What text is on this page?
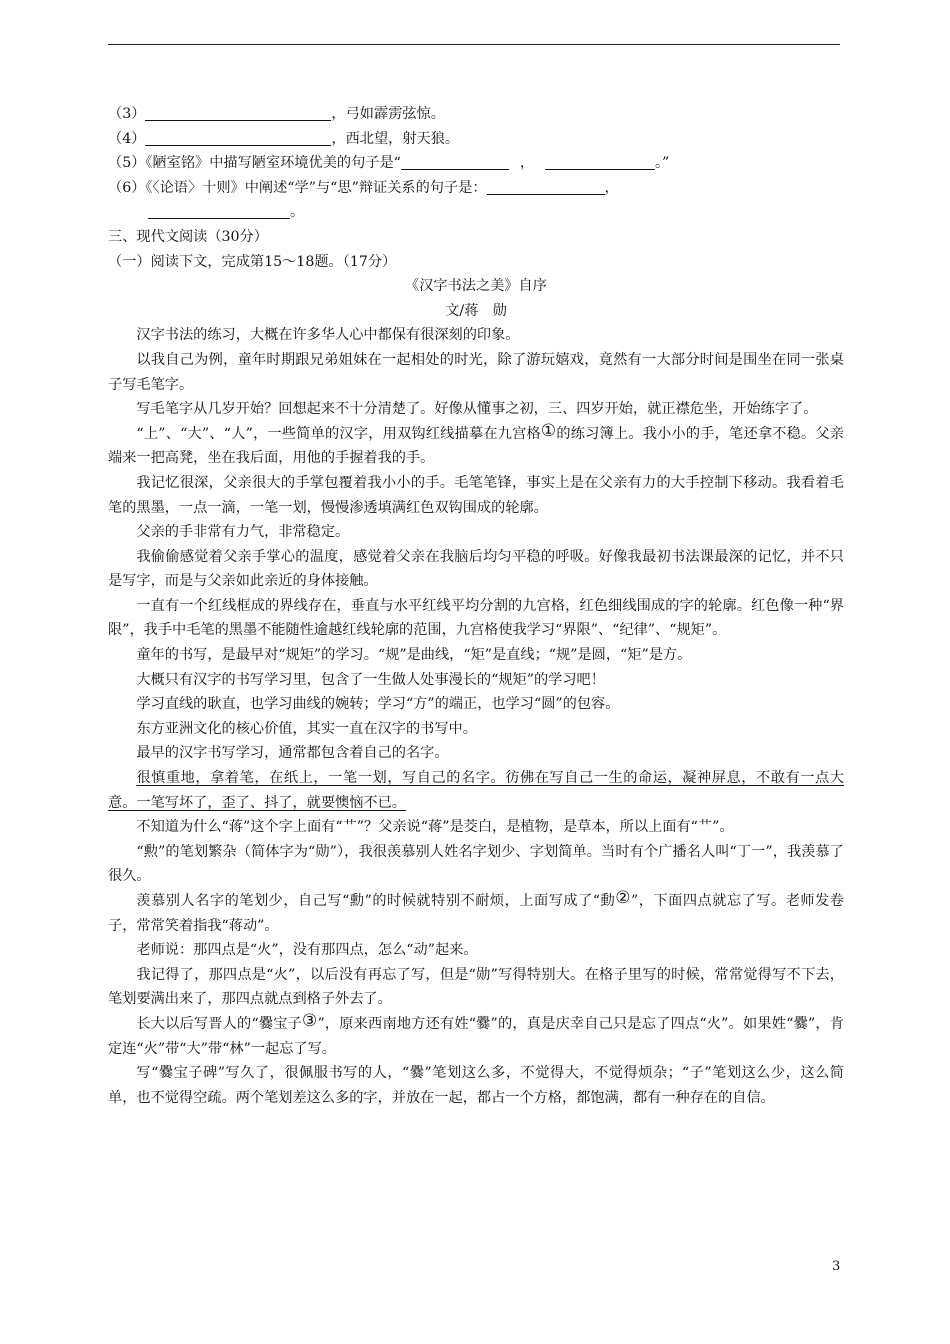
（3）	，弓如霹雳弦惊。
（4）	，西北望，射天狼。
（5）《陋室铭》中描写陋室环境优美的句子是“	，	。”
（6）《〈论语〉十则》中阐述“学”与“思”辩证关系的句子是：	，
。
三、现代文阅读（30分）
（一）阅读下文，完成第15～18题。（17分）
《汉字书法之美》自序
文/蒋　勋
汉字书法的练习，大概在许多华人心中都保有很深刻的印象。
以我自己为例，童年时期跟兄弟姐妹在一起相处的时光，除了游玩嬉戏，竟然有一大部分时间是围坐在同一张桌子写毛笔字。
写毛笔字从几岁开始？回想起来不十分清楚了。好像从懂事之初，三、四岁开始，就正襟危坐，开始练字了。
“上”、“大”、“人”，一些简单的汉字，用双钩红线描摹在九宫格①的练习簿上。我小小的手，笔还拿不稳。父亲端来一把高凳，坐在我后面，用他的手握着我的手。
我记忆很深，父亲很大的手掌包覆着我小小的手。毛笔笔锋，事实上是在父亲有力的大手控制下移动。我看着毛笔的黑墨，一点一滴，一笔一划，慢慢渗透填满红色双钩围成的轮廓。
父亲的手非常有力气，非常稳定。
我偷偷感觉着父亲手掌心的温度，感觉着父亲在我脑后均匀平稳的呼吸。好像我最初书法课最深的记忆，并不只是写字，而是与父亲如此亲近的身体接触。
一直有一个红线框成的界线存在，垂直与水平红线平均分割的九宫格，红色细线围成的字的轮廓。红色像一种“界限”，我手中毛笔的黑墨不能随性逾越红线轮廓的范围，九宫格使我学习“界限”、“纪律”、“规矩”。
童年的书写，是最早对“规矩”的学习。“规”是曲线，“矩”是直线；“规”是圆，“矩”是方。
大概只有汉字的书写学习里，包含了一生做人处事漫长的“规矩”的学习吧！
学习直线的耿直，也学习曲线的婉转；学习“方”的端正，也学习“圆”的包容。
东方亚洲文化的核心价值，其实一直在汉字的书写中。
最早的汉字书写学习，通常都包含着自己的名字。
很慎重地，拿着笔，在纸上，一笔一划，写自己的名字。彷佛在写自己一生的命运，凝神屏息，不敢有一点大意。一笔写坏了，歪了、抖了，就要懊恼不已。
不知道为什么“蒋”这个字上面有“艹”？父亲说“蒋”是茭白，是植物，是草本，所以上面有“艹”。
“勲”的笔划繁杂（简体字为“勋”），我很羡慕别人姓名字划少、字划简单。当时有个广播名人叫“丁一”，我羡慕了很久。
羡慕别人名字的笔划少，自己写“勳”的时候就特别不耐烦，上面写成了“動②”，下面四点就忘了写。老师发卷子，常常笑着指我“蒋动”。
老师说：那四点是“火”，没有那四点，怎么“动”起来。
我记得了，那四点是“火”，以后没有再忘了写，但是“勋”写得特别大。在格子里写的时候，常常觉得写不下去，笔划要满出来了，那四点就点到格子外去了。
长大以后写晋人的“爨宝子③”，原来西南地方还有姓“爨”的，真是庆幸自己只是忘了四点“火”。如果姓“爨”，肯定连“火”带“大”带“林”一起忘了写。
写“爨宝子碑”写久了，很佩服书写的人，“爨”笔划这么多，不觉得大，不觉得烦杂；“子”笔划这么少，这么简单，也不觉得空疏。两个笔划差这么多的字，并放在一起，都占一个方格，都饱满，都有一种存在的自信。
3
